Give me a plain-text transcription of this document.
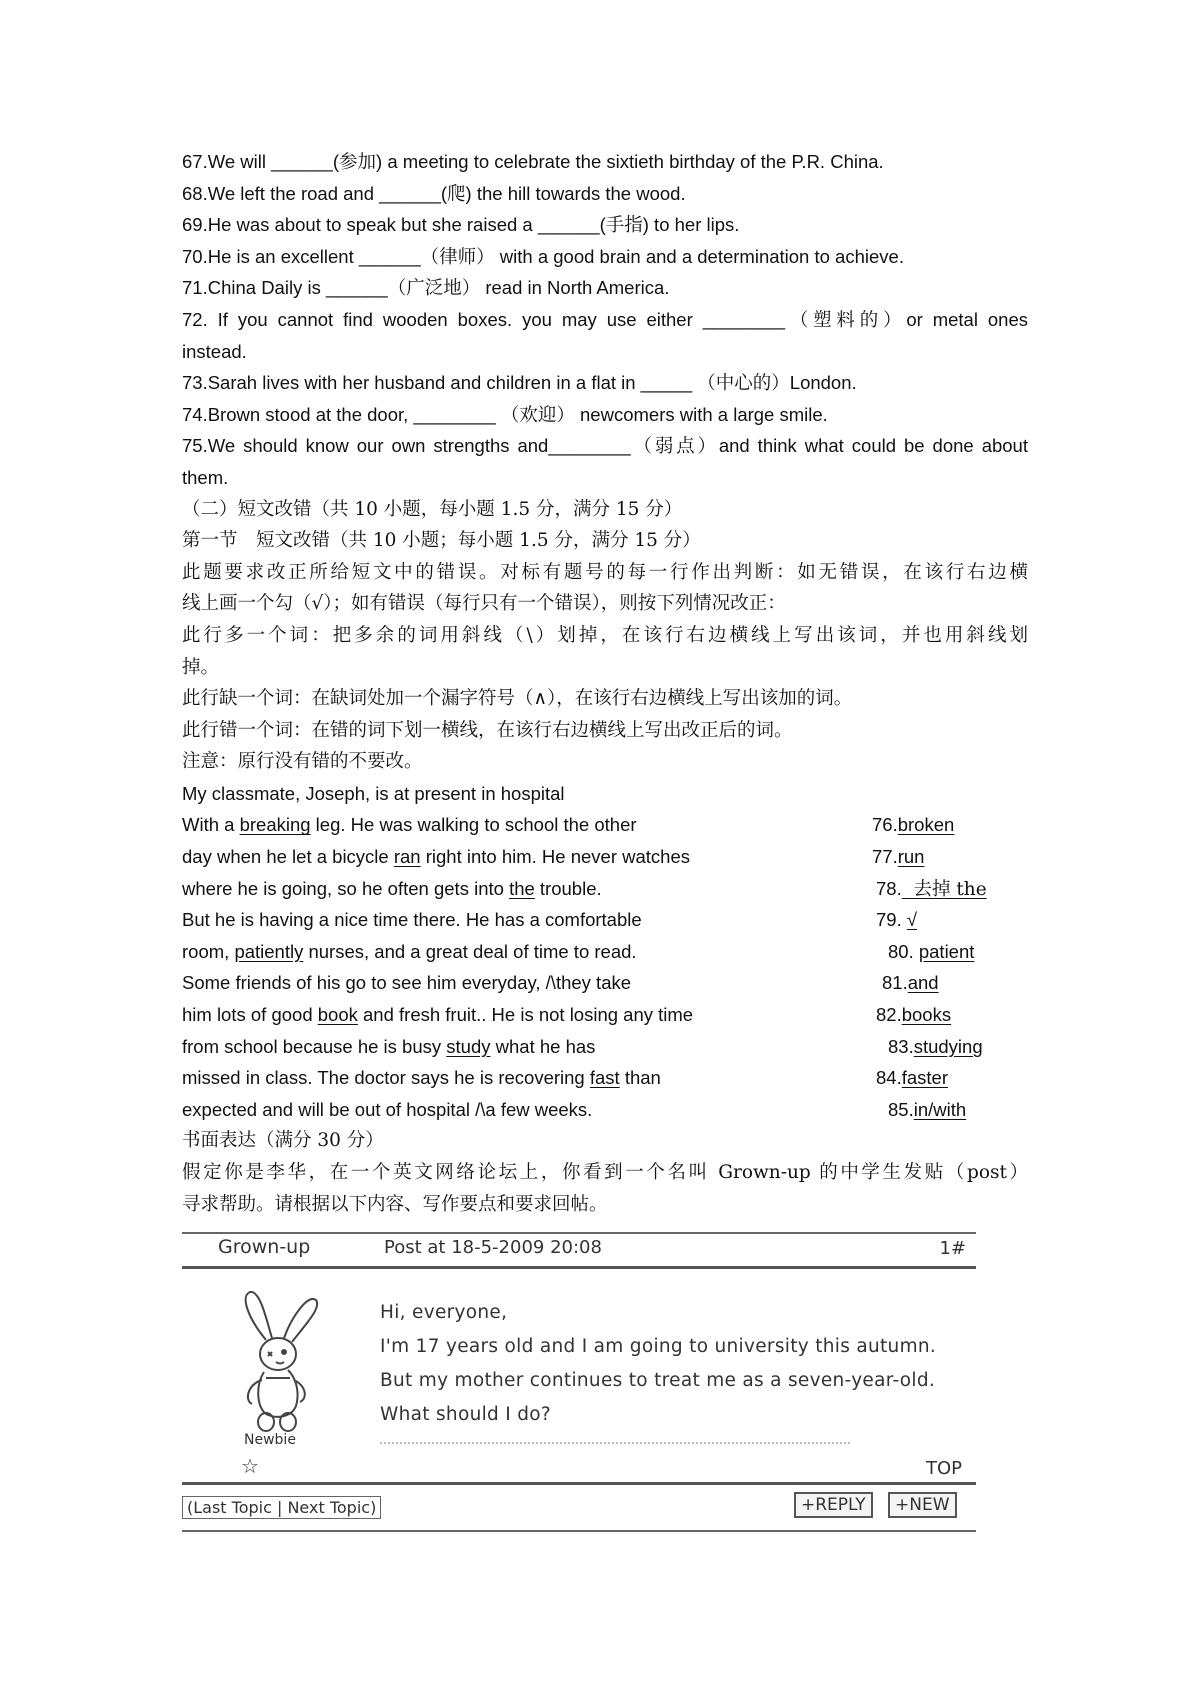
67.We will ______(参加) a meeting to celebrate the sixtieth birthday of the P.R. China.
68.We left the road and ______(爬) the hill towards the wood.
69.He was about to speak but she raised a ______(手指) to her lips.
70.He is an excellent ______（律师） with a good brain and a determination to achieve.
71.China Daily is ______（广泛地） read in North America.
72. If you cannot find wooden boxes. you may use either ________（塑料的）or metal ones
instead.
73.Sarah lives with her husband and children in a flat in _____ （中心的）London.
74.Brown stood at the door, ________ （欢迎） newcomers with a large smile.
75.We should know our own strengths and________（弱点）and think what could be done about
them.
（二）短文改错（共 10 小题，每小题 1.5 分，满分 15 分）
第一节　短文改错（共 10 小题；每小题 1.5 分，满分 15 分）
此题要求改正所给短文中的错误。对标有题号的每一行作出判断：如无错误，在该行右边横
线上画一个勾（√）；如有错误（每行只有一个错误），则按下列情况改正：
此行多一个词：把多余的词用斜线（\）划掉，在该行右边横线上写出该词，并也用斜线划
掉。
此行缺一个词：在缺词处加一个漏字符号（∧），在该行右边横线上写出该加的词。
此行错一个词：在错的词下划一横线，在该行右边横线上写出改正后的词。
注意：原行没有错的不要改。
My classmate, Joseph, is at present in hospital
With a breaking leg. He was walking to school the other	76.broken
day when he let a bicycle ran right into him. He never watches	77.run
where he is going, so he often gets into the trouble.	78.  去掉 the
But he is having a nice time there. He has a comfortable	79. √
room, patiently nurses, and a great deal of time to read.	80. patient
Some friends of his go to see him everyday, /\they take	81.and
him lots of good book and fresh fruit.. He is not losing any time	82.books
from school because he is busy study what he has	83.studying
missed in class. The doctor says he is recovering fast than	84.faster
expected and will be out of hospital /\a few weeks.	85.in/with
书面表达（满分 30 分）
假定你是李华，在一个英文网络论坛上，你看到一个名叫 Grown-up 的中学生发贴（post）
寻求帮助。请根据以下内容、写作要点和要求回帖。
Grown-up	Post at 18-5-2009 20:08	1#
Hi, everyone,
I'm 17 years old and I am going to university this autumn.
But my mother continues to treat me as a seven-year-old.
What should I do?
Newbie
☆	TOP
(Last Topic | Next Topic)	+REPLY	+NEW
